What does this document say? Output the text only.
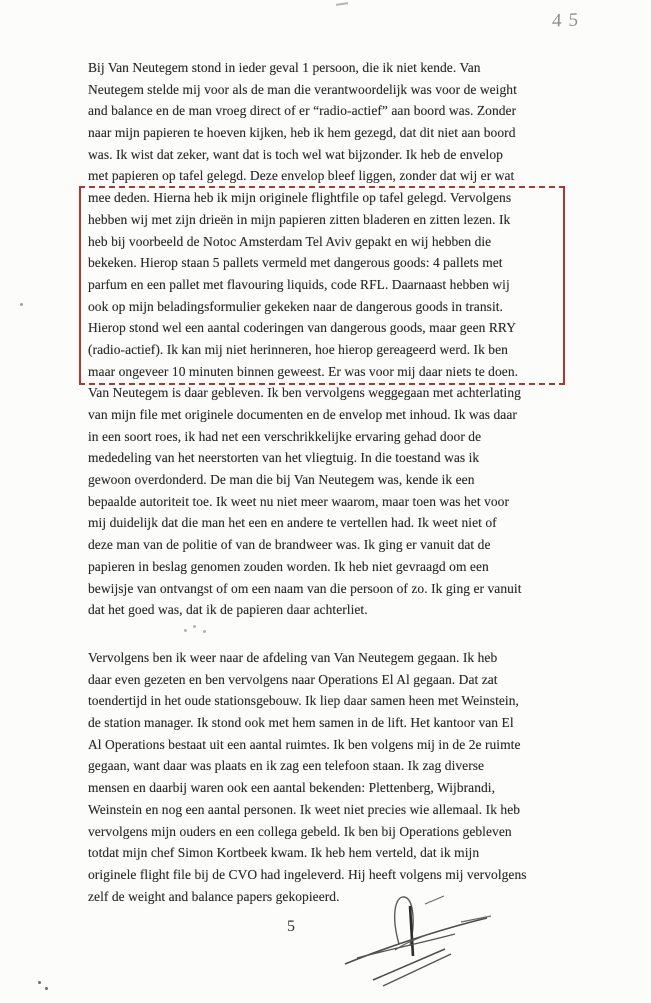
45
Bij Van Neutegem stond in ieder geval 1 persoon, die ik niet kende. Van
Neutegem stelde mij voor als de man die verantwoordelijk was voor de weight
and balance en de man vroeg direct of er “radio-actief” aan boord was. Zonder
naar mijn papieren te hoeven kijken, heb ik hem gezegd, dat dit niet aan boord
was. Ik wist dat zeker, want dat is toch wel wat bijzonder. Ik heb de envelop
met papieren op tafel gelegd. Deze envelop bleef liggen, zonder dat wij er wat
mee deden. Hierna heb ik mijn originele flightfile op tafel gelegd. Vervolgens
hebben wij met zijn drieën in mijn papieren zitten bladeren en zitten lezen. Ik
heb bij voorbeeld de Notoc Amsterdam Tel Aviv gepakt en wij hebben die
bekeken. Hierop staan 5 pallets vermeld met dangerous goods: 4 pallets met
parfum en een pallet met flavouring liquids, code RFL. Daarnaast hebben wij
ook op mijn beladingsformulier gekeken naar de dangerous goods in transit.
Hierop stond wel een aantal coderingen van dangerous goods, maar geen RRY
(radio-actief). Ik kan mij niet herinneren, hoe hierop gereageerd werd. Ik ben
maar ongeveer 10 minuten binnen geweest. Er was voor mij daar niets te doen.
Van Neutegem is daar gebleven. Ik ben vervolgens weggegaan met achterlating
van mijn file met originele documenten en de envelop met inhoud. Ik was daar
in een soort roes, ik had net een verschrikkelijke ervaring gehad door de
mededeling van het neerstorten van het vliegtuig. In die toestand was ik
gewoon overdonderd. De man die bij Van Neutegem was, kende ik een
bepaalde autoriteit toe. Ik weet nu niet meer waarom, maar toen was het voor
mij duidelijk dat die man het een en andere te vertellen had. Ik weet niet of
deze man van de politie of van de brandweer was. Ik ging er vanuit dat de
papieren in beslag genomen zouden worden. Ik heb niet gevraagd om een
bewijsje van ontvangst of om een naam van die persoon of zo. Ik ging er vanuit
dat het goed was, dat ik de papieren daar achterliet.
Vervolgens ben ik weer naar de afdeling van Van Neutegem gegaan. Ik heb
daar even gezeten en ben vervolgens naar Operations El Al gegaan. Dat zat
toendertijd in het oude stationsgebouw. Ik liep daar samen heen met Weinstein,
de station manager. Ik stond ook met hem samen in de lift. Het kantoor van El
Al Operations bestaat uit een aantal ruimtes. Ik ben volgens mij in de 2e ruimte
gegaan, want daar was plaats en ik zag een telefoon staan. Ik zag diverse
mensen en daarbij waren ook een aantal bekenden: Plettenberg, Wijbrandi,
Weinstein en nog een aantal personen. Ik weet niet precies wie allemaal. Ik heb
vervolgens mijn ouders en een collega gebeld. Ik ben bij Operations gebleven
totdat mijn chef Simon Kortbeek kwam. Ik heb hem verteld, dat ik mijn
originele flight file bij de CVO had ingeleverd. Hij heeft volgens mij vervolgens
zelf de weight and balance papers gekopieerd.
5
